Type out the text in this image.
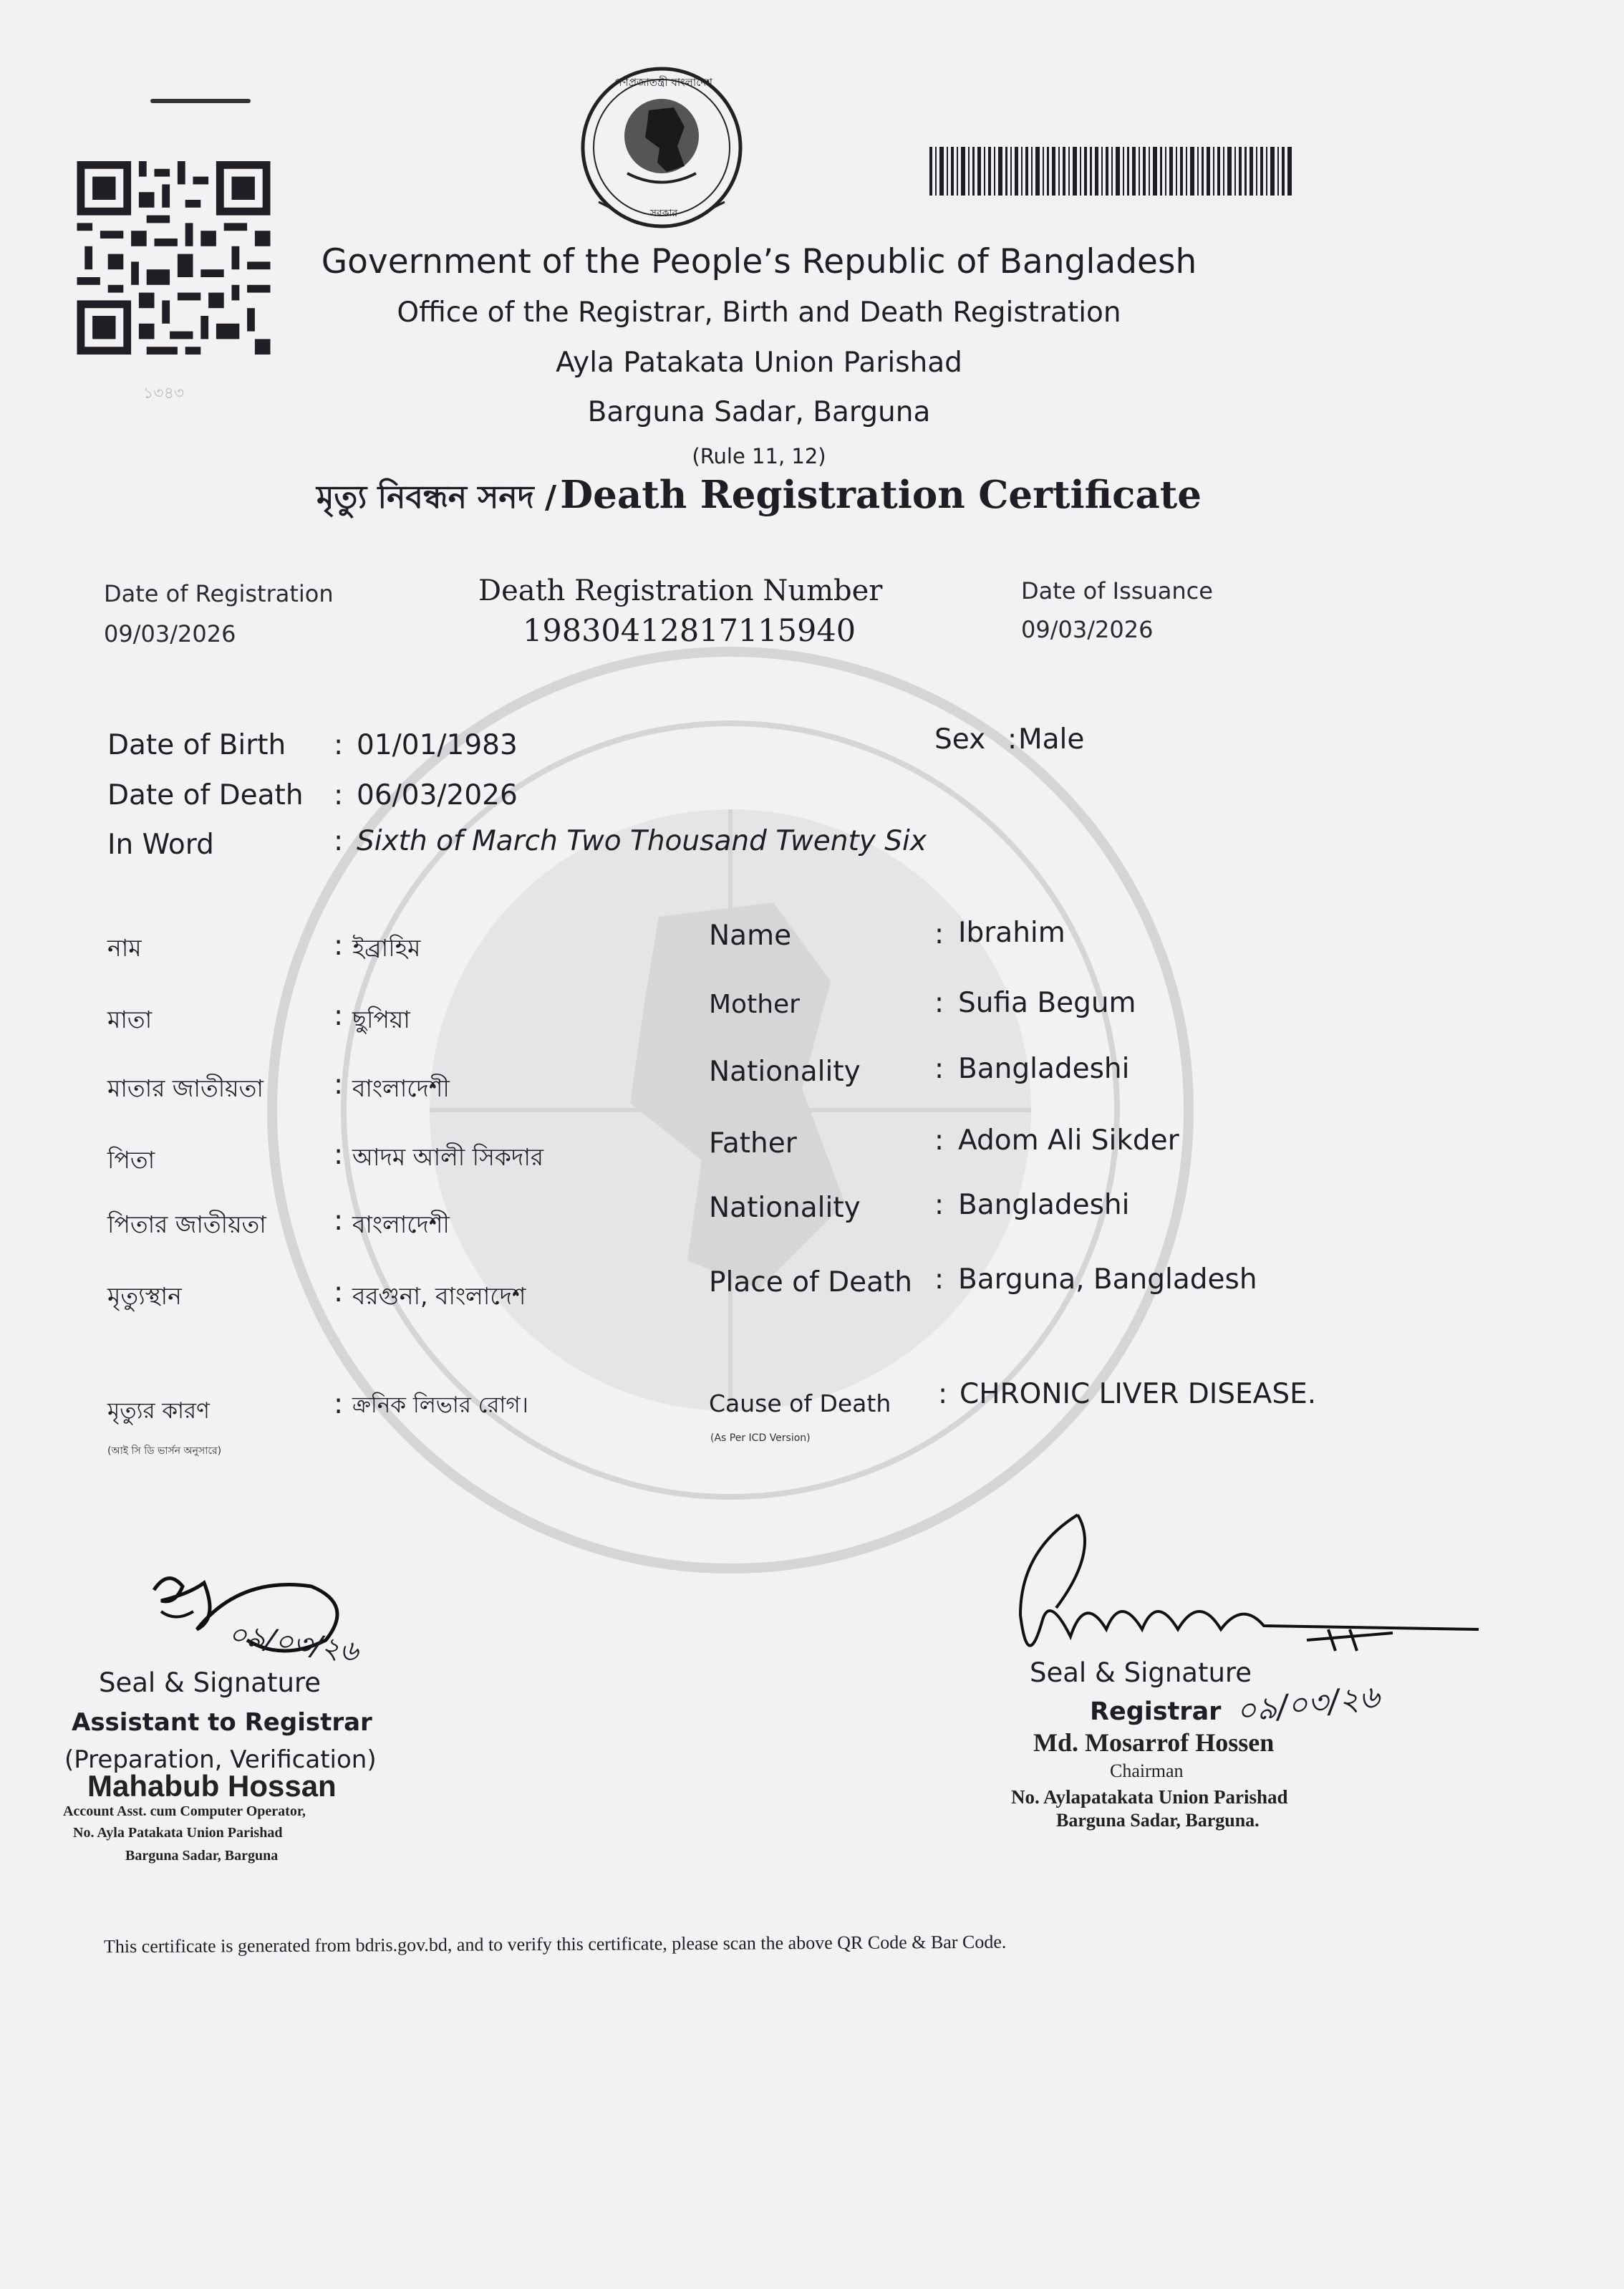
১৩৪৩
গণপ্রজাতন্ত্রী বাংলাদেশ
সরকার
Government of the People’s Republic of Bangladesh
Office of the Registrar, Birth and Death Registration
Ayla Patakata Union Parishad
Barguna Sadar, Barguna
(Rule 11, 12)
মৃত্যু নিবন্ধন সনদ / Death Registration Certificate
Date of Registration
09/03/2026
Death Registration Number
19830412817115940
Date of Issuance
09/03/2026
Date of Birth : 01/01/1983	Sex : Male
Date of Death : 06/03/2026
In Word	: Sixth of March Two Thousand Twenty Six
নাম	: ইব্রাহিম
মাতা	: ছুপিয়া
মাতার জাতীয়তা	: বাংলাদেশী
পিতা	: আদম আলী সিকদার
পিতার জাতীয়তা : বাংলাদেশী
মৃত্যুস্থান	: বরগুনা, বাংলাদেশ
মৃত্যুর কারণ
(আই সি ডি ভার্সন অনুসারে)
: ক্রনিক লিভার রোগ।
Name	: Ibrahim
Mother	: Sufia Begum
Nationality	: Bangladeshi
Father	: Adom Ali Sikder
Nationality	: Bangladeshi
Place of Death : Barguna, Bangladesh
Cause of Death
(As Per ICD Version)
: CHRONIC LIVER DISEASE.
০৯/০৩/২৬
Seal & Signature
Assistant to Registrar
(Preparation, Verification)
Mahabub Hossan
Account Asst. cum Computer Operator,
No. Ayla Patakata Union Parishad
Barguna Sadar, Barguna
০৯/০৩/২৬
Seal & Signature
Registrar
Md. Mosarrof Hossen
Chairman
No. Aylapatakata Union Parishad
Barguna Sadar, Barguna.
This certificate is generated from bdris.gov.bd, and to verify this certificate, please scan the above QR Code & Bar Code.
